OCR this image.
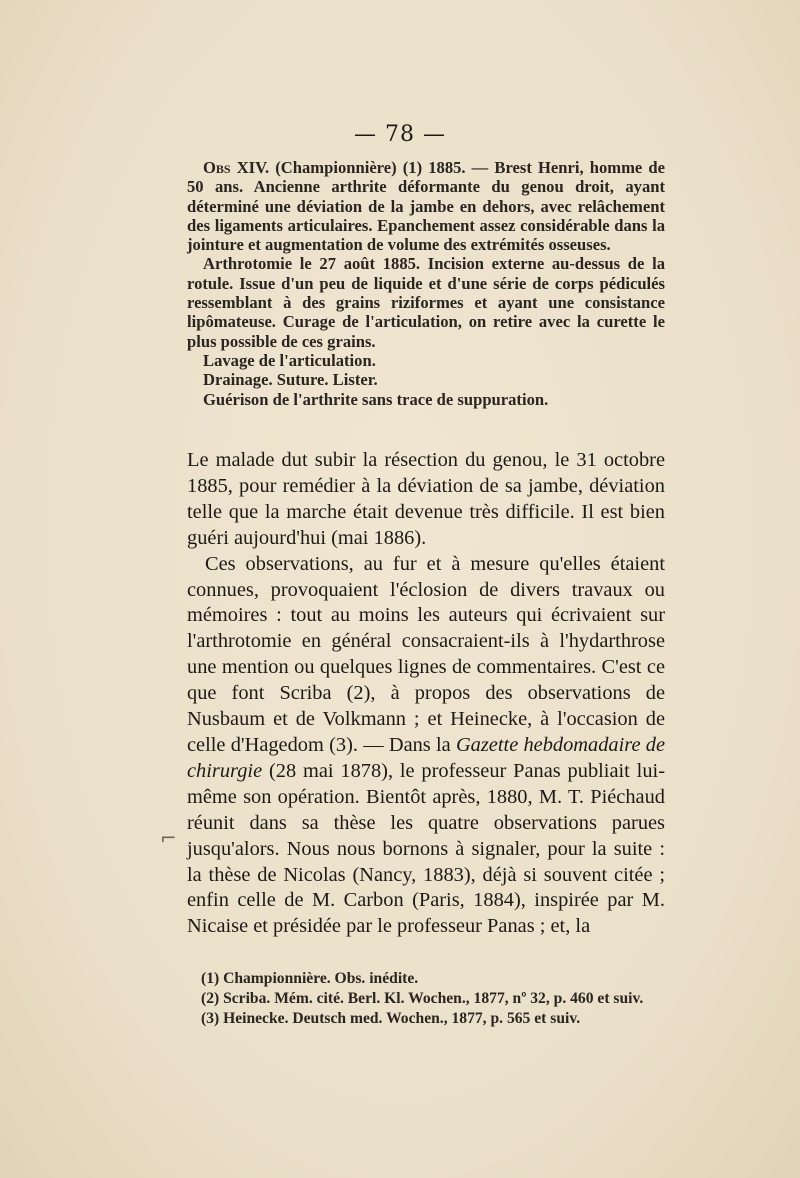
— 78 —

Obs XIV. (Championnière) (1) 1885. — Brest Henri, homme de 50 ans. Ancienne arthrite déformante du genou droit, ayant déterminé une déviation de la jambe en dehors, avec relâchement des ligaments articulaires. Epanchement assez considérable dans la jointure et augmentation de volume des extrémités osseuses.

Arthrotomie le 27 août 1885. Incision externe au-dessus de la rotule. Issue d'un peu de liquide et d'une série de corps pédiculés ressemblant à des grains riziformes et ayant une consistance lipômateuse. Curage de l'articulation, on retire avec la curette le plus possible de ces grains.

Lavage de l'articulation.

Drainage. Suture. Lister.

Guérison de l'arthrite sans trace de suppuration.

Le malade dut subir la résection du genou, le 31 octobre 1885, pour remédier à la déviation de sa jambe, déviation telle que la marche était devenue très difficile. Il est bien guéri aujourd'hui (mai 1886).

Ces observations, au fur et à mesure qu'elles étaient connues, provoquaient l'éclosion de divers travaux ou mémoires : tout au moins les auteurs qui écrivaient sur l'arthrotomie en général consacraient-ils à l'hydarthrose une mention ou quelques lignes de commentaires. C'est ce que font Scriba (2), à propos des observations de Nusbaum et de Volkmann ; et Heinecke, à l'occasion de celle d'Hagedom (3). — Dans la Gazette hebdomadaire de chirurgie (28 mai 1878), le professeur Panas publiait lui-même son opération. Bientôt après, 1880, M. T. Piéchaud réunit dans sa thèse les quatre observations parues jusqu'alors. Nous nous bornons à signaler, pour la suite : la thèse de Nicolas (Nancy, 1883), déjà si souvent citée ; enfin celle de M. Carbon (Paris, 1884), inspirée par M. Nicaise et présidée par le professeur Panas ; et, la

⌐

(1) Championnière. Obs. inédite.

(2) Scriba. Mém. cité. Berl. Kl. Wochen., 1877, nº 32, p. 460 et suiv.

(3) Heinecke. Deutsch med. Wochen., 1877, p. 565 et suiv.
